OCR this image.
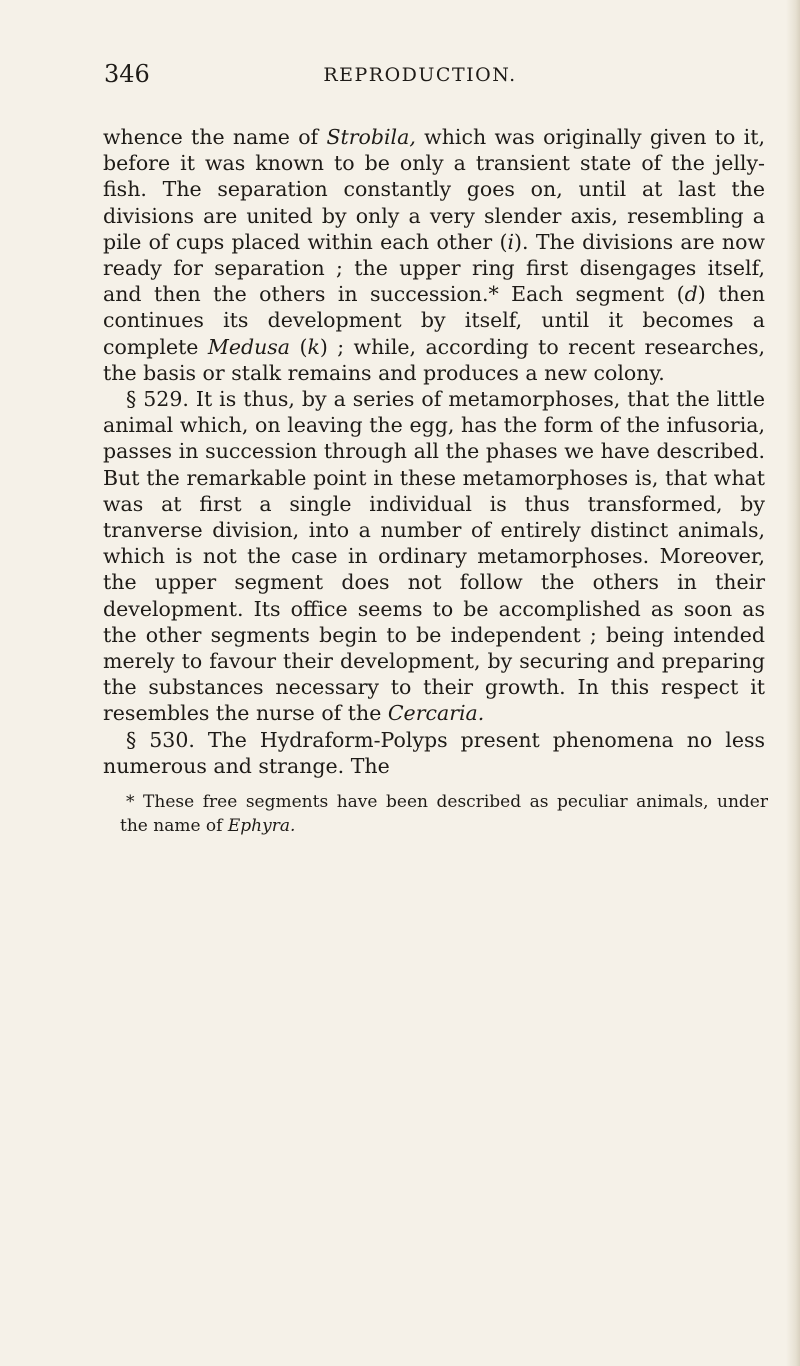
346	REPRODUCTION.

whence the name of Strobila, which was originally given to it, before it was known to be only a transient state of the jelly-fish. The separation constantly goes on, until at last the divisions are united by only a very slender axis, resembling a pile of cups placed within each other (i). The divisions are now ready for separation ; the upper ring first disengages itself, and then the others in succession.* Each segment (d) then continues its development by itself, until it becomes a complete Medusa (k) ; while, according to recent researches, the basis or stalk remains and produces a new colony.

§ 529. It is thus, by a series of metamorphoses, that the little animal which, on leaving the egg, has the form of the infusoria, passes in succession through all the phases we have described. But the remarkable point in these metamorphoses is, that what was at first a single individual is thus transformed, by tranverse division, into a number of entirely distinct animals, which is not the case in ordinary metamorphoses. Moreover, the upper segment does not follow the others in their development. Its office seems to be accomplished as soon as the other segments begin to be independent ; being intended merely to favour their development, by securing and preparing the substances necessary to their growth. In this respect it resembles the nurse of the Cercaria.

§ 530. The Hydraform-Polyps present phenomena no less numerous and strange. The

* These free segments have been described as peculiar animals, under the name of Ephyra.
